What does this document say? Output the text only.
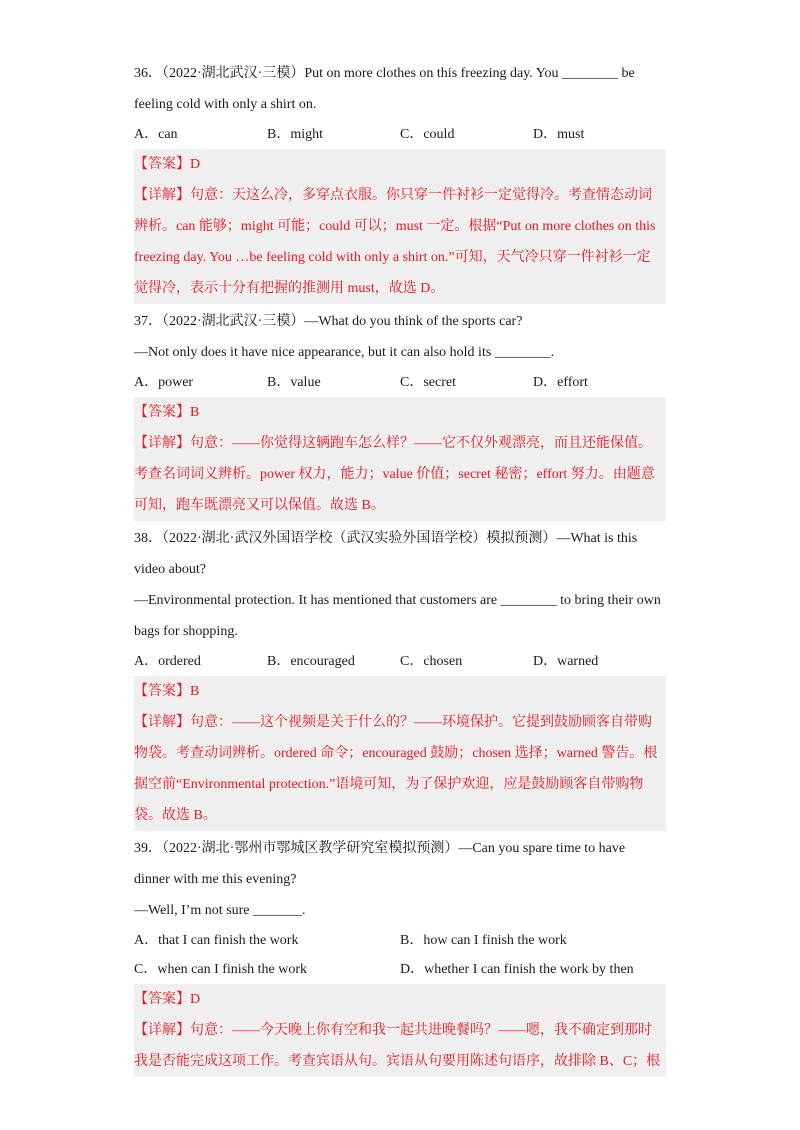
36．（2022·湖北武汉·三模）Put on more clothes on this freezing day. You ________ be
feeling cold with only a shirt on.
A．can	B．might	C．could	D．must
【答案】D
【详解】句意：天这么冷，多穿点衣服。你只穿一件衬衫一定觉得冷。考查情态动词
辨析。can 能够；might 可能；could 可以；must 一定。根据“Put on more clothes on this
freezing day. You …be feeling cold with only a shirt on.”可知，天气冷只穿一件衬衫一定
觉得冷，表示十分有把握的推测用 must，故选 D。
37．（2022·湖北武汉·三模）—What do you think of the sports car?
—Not only does it have nice appearance, but it can also hold its ________.
A．power	B．value	C．secret	D．effort
【答案】B
【详解】句意：——你觉得这辆跑车怎么样？——它不仅外观漂亮，而且还能保值。
考查名词词义辨析。power 权力，能力；value 价值；secret 秘密；effort 努力。由题意
可知，跑车既漂亮又可以保值。故选 B。
38．（2022·湖北·武汉外国语学校（武汉实验外国语学校）模拟预测）—What is this
video about?
—Environmental protection. It has mentioned that customers are ________ to bring their own
bags for shopping.
A．ordered	B．encouraged	C．chosen	D．warned
【答案】B
【详解】句意：——这个视频是关于什么的？——环境保护。它提到鼓励顾客自带购
物袋。考查动词辨析。ordered 命令；encouraged 鼓励；chosen 选择；warned 警告。根
据空前“Environmental protection.”语境可知，为了保护欢迎，应是鼓励顾客自带购物
袋。故选 B。
39．（2022·湖北·鄂州市鄂城区教学研究室模拟预测）—Can you spare time to have
dinner with me this evening?
—Well, I’m not sure _______.
A．that I can finish the work	B．how can I finish the work
C．when can I finish the work	D．whether I can finish the work by then
【答案】D
【详解】句意：——今天晚上你有空和我一起共进晚餐吗？——嗯，我不确定到那时
我是否能完成这项工作。考查宾语从句。宾语从句要用陈述句语序，故排除 B、C；根
